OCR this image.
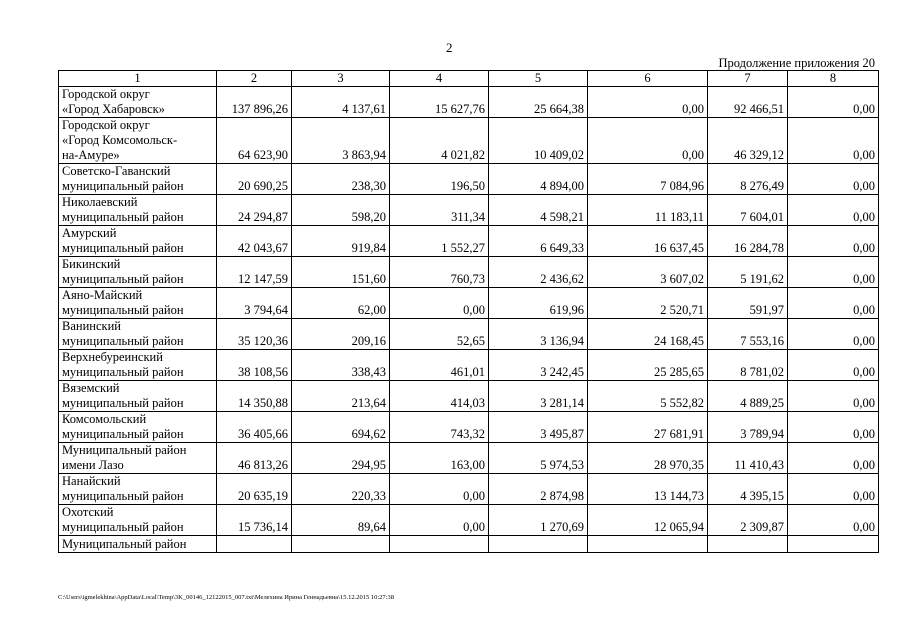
2
Продолжение приложения 20
1	2	3	4	5	6	7	8
Городской округ
«Город Хабаровск»	137 896,26	4 137,61	15 627,76	25 664,38	0,00	92 466,51	0,00
Городской округ
«Город Комсомольск-
на-Амуре»	64 623,90	3 863,94	4 021,82	10 409,02	0,00	46 329,12	0,00
Советско-Гаванский
муниципальный район	20 690,25	238,30	196,50	4 894,00	7 084,96	8 276,49	0,00
Николаевский
муниципальный район	24 294,87	598,20	311,34	4 598,21	11 183,11	7 604,01	0,00
Амурский
муниципальный район	42 043,67	919,84	1 552,27	6 649,33	16 637,45	16 284,78	0,00
Бикинский
муниципальный район	12 147,59	151,60	760,73	2 436,62	3 607,02	5 191,62	0,00
Аяно-Майский
муниципальный район	3 794,64	62,00	0,00	619,96	2 520,71	591,97	0,00
Ванинский
муниципальный район	35 120,36	209,16	52,65	3 136,94	24 168,45	7 553,16	0,00
Верхнебуреинский
муниципальный район	38 108,56	338,43	461,01	3 242,45	25 285,65	8 781,02	0,00
Вяземский
муниципальный район	14 350,88	213,64	414,03	3 281,14	5 552,82	4 889,25	0,00
Комсомольский
муниципальный район	36 405,66	694,62	743,32	3 495,87	27 681,91	3 789,94	0,00
Муниципальный район
имени Лазо	46 813,26	294,95	163,00	5 974,53	28 970,35	11 410,43	0,00
Нанайский
муниципальный район	20 635,19	220,33	0,00	2 874,98	13 144,73	4 395,15	0,00
Охотский
муниципальный район	15 736,14	89,64	0,00	1 270,69	12 065,94	2 309,87	0,00
Муниципальный район							
C:\Users\igmelekhina\AppData\Local\Temp\3K_00146_12122015_007.txt\Мелехина Ирина Геннадьевна\15.12.2015 10:27:38
